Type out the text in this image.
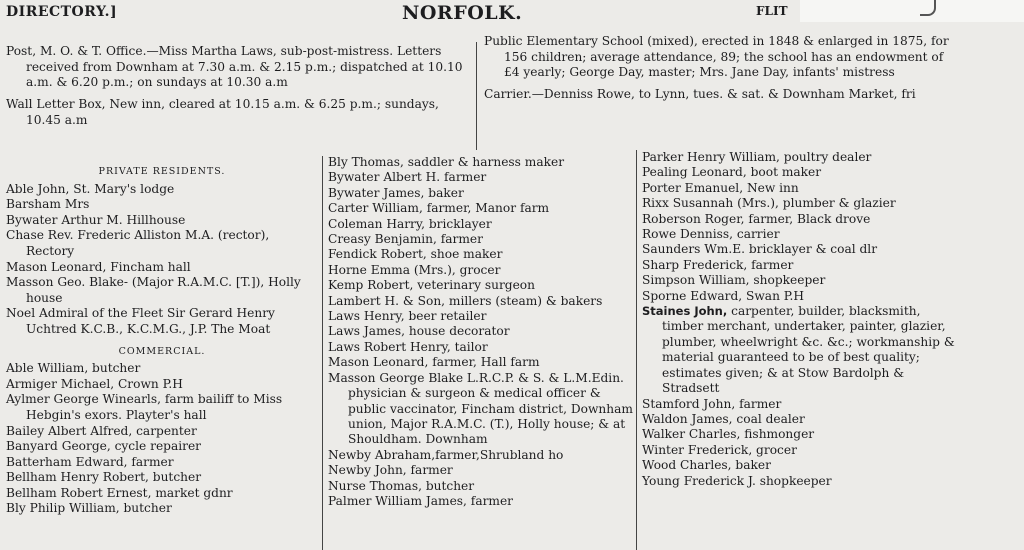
DIRECTORY.]	NORFOLK.	FLIT

Post, M. O. & T. Office.—Miss Martha Laws, sub-post-mistress. Letters received from Downham at 7.30 a.m. & 2.15 p.m.; dispatched at 10.10 a.m. & 6.20 p.m.; on sundays at 10.30 a.m

Wall Letter Box, New inn, cleared at 10.15 a.m. & 6.25 p.m.; sundays, 10.45 a.m

Public Elementary School (mixed), erected in 1848 & enlarged in 1875, for 156 children; average attendance, 89; the school has an endowment of £4 yearly; George Day, master; Mrs. Jane Day, infants' mistress

Carrier.—Denniss Rowe, to Lynn, tues. & sat. & Downham Market, fri

PRIVATE RESIDENTS.

Able John, St. Mary's lodge

Barsham Mrs

Bywater Arthur M. Hillhouse

Chase Rev. Frederic Alliston M.A. (rector), Rectory

Mason Leonard, Fincham hall

Masson Geo. Blake- (Major R.A.M.C. [T.]), Holly house

Noel Admiral of the Fleet Sir Gerard Henry Uchtred K.C.B., K.C.M.G., J.P. The Moat

COMMERCIAL.

Able William, butcher

Armiger Michael, Crown P.H

Aylmer George Winearls, farm bailiff to Miss Hebgin's exors. Playter's hall

Bailey Albert Alfred, carpenter

Banyard George, cycle repairer

Batterham Edward, farmer

Bellham Henry Robert, butcher

Bellham Robert Ernest, market gdnr

Bly Philip William, butcher

Bly Thomas, saddler & harness maker

Bywater Albert H. farmer

Bywater James, baker

Carter William, farmer, Manor farm

Coleman Harry, bricklayer

Creasy Benjamin, farmer

Fendick Robert, shoe maker

Horne Emma (Mrs.), grocer

Kemp Robert, veterinary surgeon

Lambert H. & Son, millers (steam) & bakers

Laws Henry, beer retailer

Laws James, house decorator

Laws Robert Henry, tailor

Mason Leonard, farmer, Hall farm

Masson George Blake L.R.C.P. & S. & L.M.Edin. physician & surgeon & medical officer & public vaccinator, Fincham district, Downham union, Major R.A.M.C. (T.), Holly house; & at Shouldham. Downham

Newby Abraham,farmer,Shrubland ho

Newby John, farmer

Nurse Thomas, butcher

Palmer William James, farmer

Parker Henry William, poultry dealer

Pealing Leonard, boot maker

Porter Emanuel, New inn

Rixx Susannah (Mrs.), plumber & glazier

Roberson Roger, farmer, Black drove

Rowe Denniss, carrier

Saunders Wm.E. bricklayer & coal dlr

Sharp Frederick, farmer

Simpson William, shopkeeper

Sporne Edward, Swan P.H

Staines John, carpenter, builder, blacksmith, timber merchant, undertaker, painter, glazier, plumber, wheelwright &c. &c.; workmanship & material guaranteed to be of best quality; estimates given; & at Stow Bardolph & Stradsett

Stamford John, farmer

Waldon James, coal dealer

Walker Charles, fishmonger

Winter Frederick, grocer

Wood Charles, baker

Young Frederick J. shopkeeper
